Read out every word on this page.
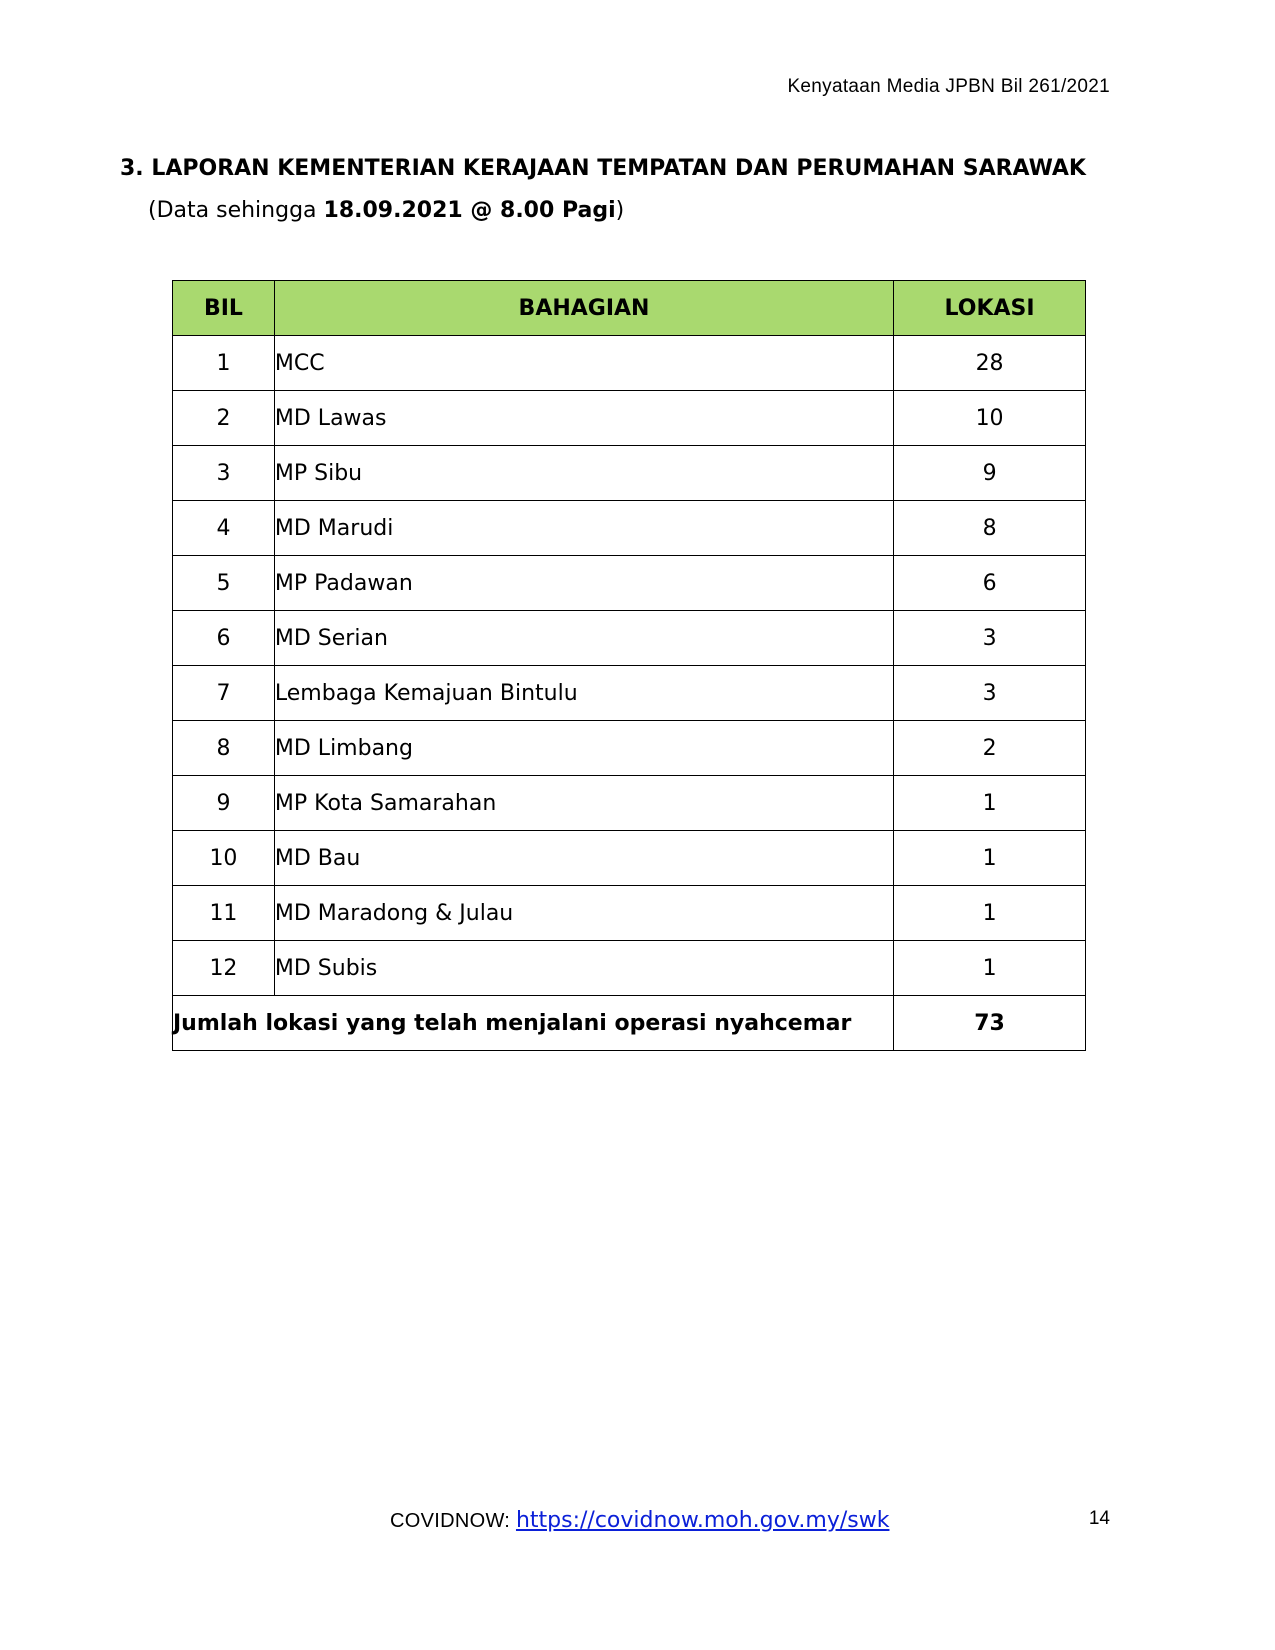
Kenyataan Media JPBN Bil 261/2021
3. LAPORAN KEMENTERIAN KERAJAAN TEMPATAN DAN PERUMAHAN SARAWAK
(Data sehingga 18.09.2021 @ 8.00 Pagi)
BIL	BAHAGIAN	LOKASI
1	MCC	28
2	MD Lawas	10
3	MP Sibu	9
4	MD Marudi	8
5	MP Padawan	6
6	MD Serian	3
7	Lembaga Kemajuan Bintulu	3
8	MD Limbang	2
9	MP Kota Samarahan	1
10	MD Bau	1
11	MD Maradong & Julau	1
12	MD Subis	1
Jumlah lokasi yang telah menjalani operasi nyahcemar		73
COVIDNOW: https://covidnow.moh.gov.my/swk	14
